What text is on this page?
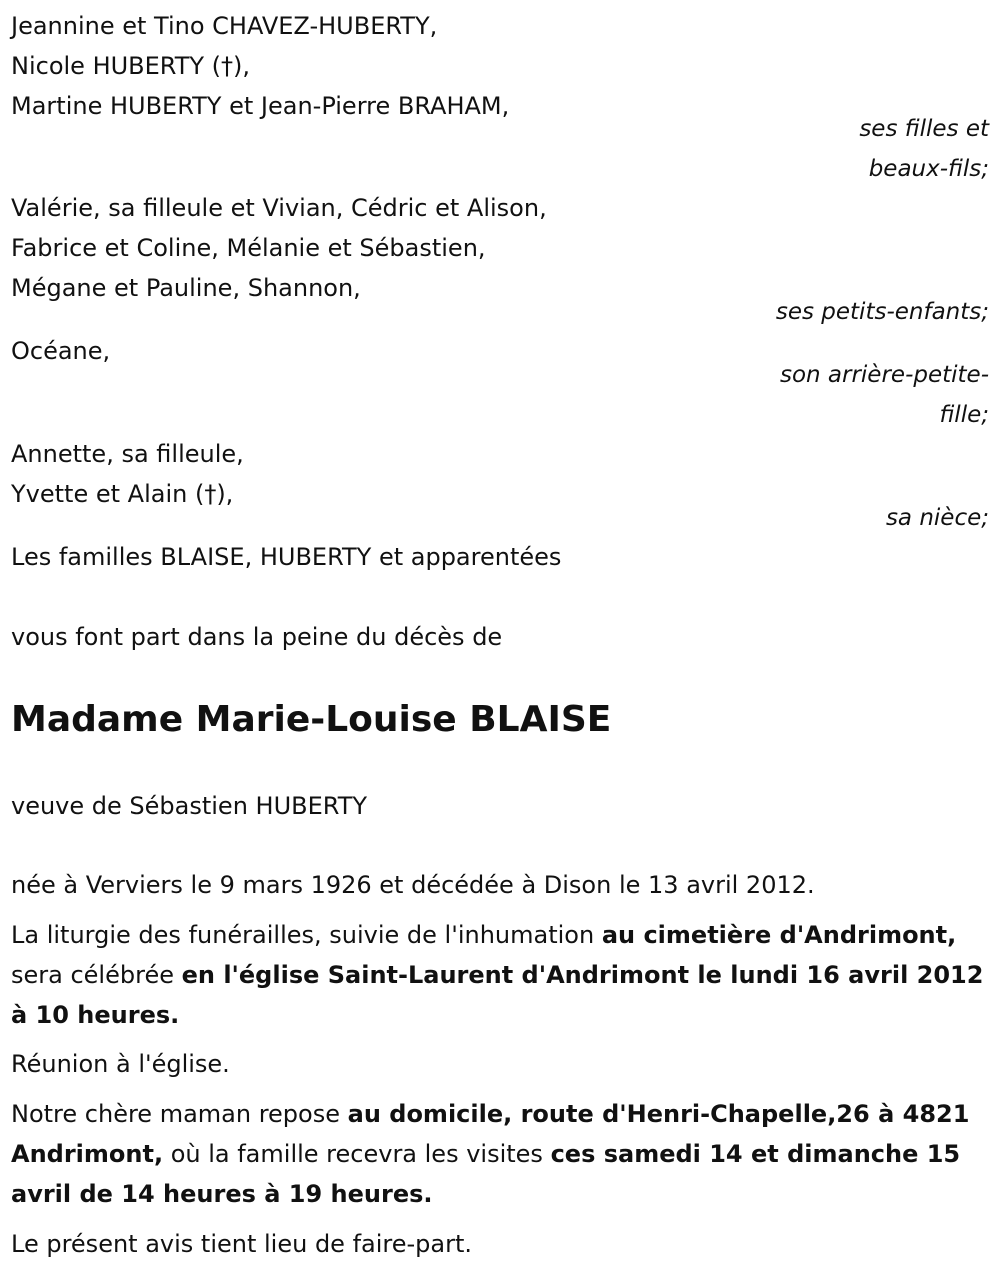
Jeannine et Tino CHAVEZ-HUBERTY,

Nicole HUBERTY (†),

Martine HUBERTY et Jean-Pierre BRAHAM,

ses filles et

beaux-fils;

Valérie, sa filleule et Vivian, Cédric et Alison,

Fabrice et Coline, Mélanie et Sébastien,

Mégane et Pauline, Shannon,

ses petits-enfants;

Océane,

son arrière-petite-

fille;

Annette, sa filleule,

Yvette et Alain (†),

sa nièce;

Les familles BLAISE, HUBERTY et apparentées

vous font part dans la peine du décès de

Madame Marie-Louise BLAISE

veuve de Sébastien HUBERTY

née à Verviers le 9 mars 1926 et décédée à Dison le 13 avril 2012.

La liturgie des funérailles, suivie de l'inhumation au cimetière d'Andrimont, sera célébrée en l'église Saint-Laurent d'Andrimont le lundi 16 avril 2012 à 10 heures.

Réunion à l'église.

Notre chère maman repose au domicile, route d'Henri-Chapelle,26 à 4821 Andrimont, où la famille recevra les visites ces samedi 14 et dimanche 15 avril de 14 heures à 19 heures.

Le présent avis tient lieu de faire-part.
